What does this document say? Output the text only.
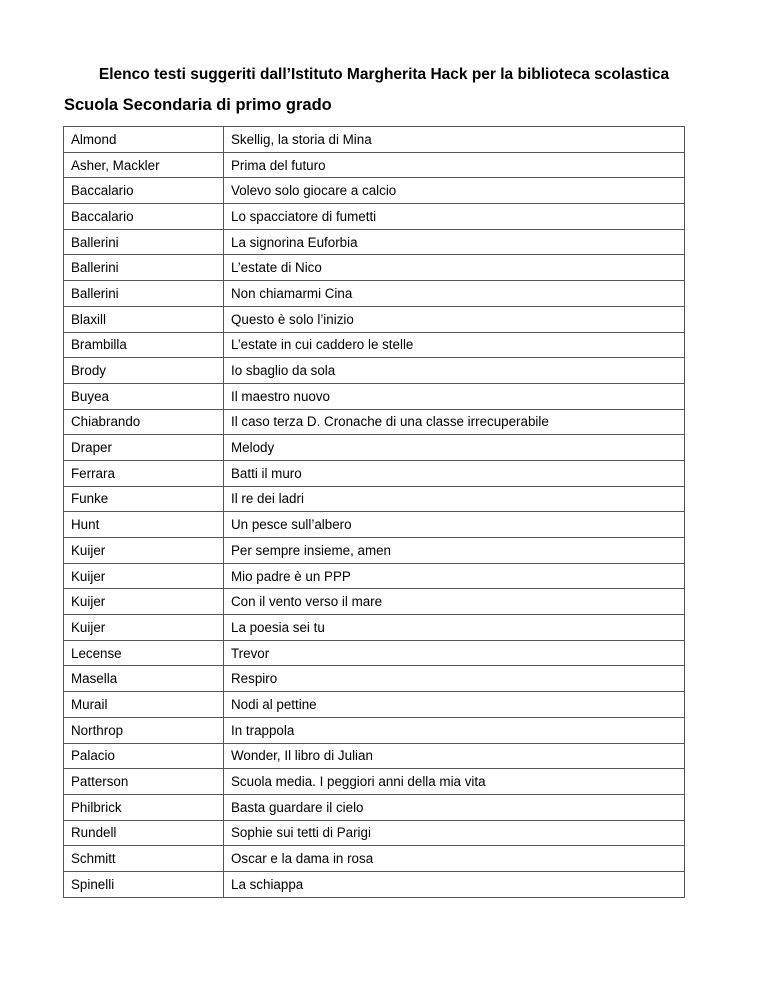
Elenco testi suggeriti dall’Istituto Margherita Hack per la biblioteca scolastica
Scuola Secondaria di primo grado
Almond	Skellig, la storia di Mina
Asher, Mackler	Prima del futuro
Baccalario	Volevo solo giocare a calcio
Baccalario	Lo spacciatore di fumetti
Ballerini	La signorina Euforbia
Ballerini	L’estate di Nico
Ballerini	Non chiamarmi Cina
Blaxill	Questo è solo l’inizio
Brambilla	L’estate in cui caddero le stelle
Brody	Io sbaglio da sola
Buyea	Il maestro nuovo
Chiabrando	Il caso terza D. Cronache di una classe irrecuperabile
Draper	Melody
Ferrara	Batti il muro
Funke	Il re dei ladri
Hunt	Un pesce sull’albero
Kuijer	Per sempre insieme, amen
Kuijer	Mio padre è un PPP
Kuijer	Con il vento verso il mare
Kuijer	La poesia sei tu
Lecense	Trevor
Masella	Respiro
Murail	Nodi al pettine
Northrop	In trappola
Palacio	Wonder, Il libro di Julian
Patterson	Scuola media. I peggiori anni della mia vita
Philbrick	Basta guardare il cielo
Rundell	Sophie sui tetti di Parigi
Schmitt	Oscar e la dama in rosa
Spinelli	La schiappa
